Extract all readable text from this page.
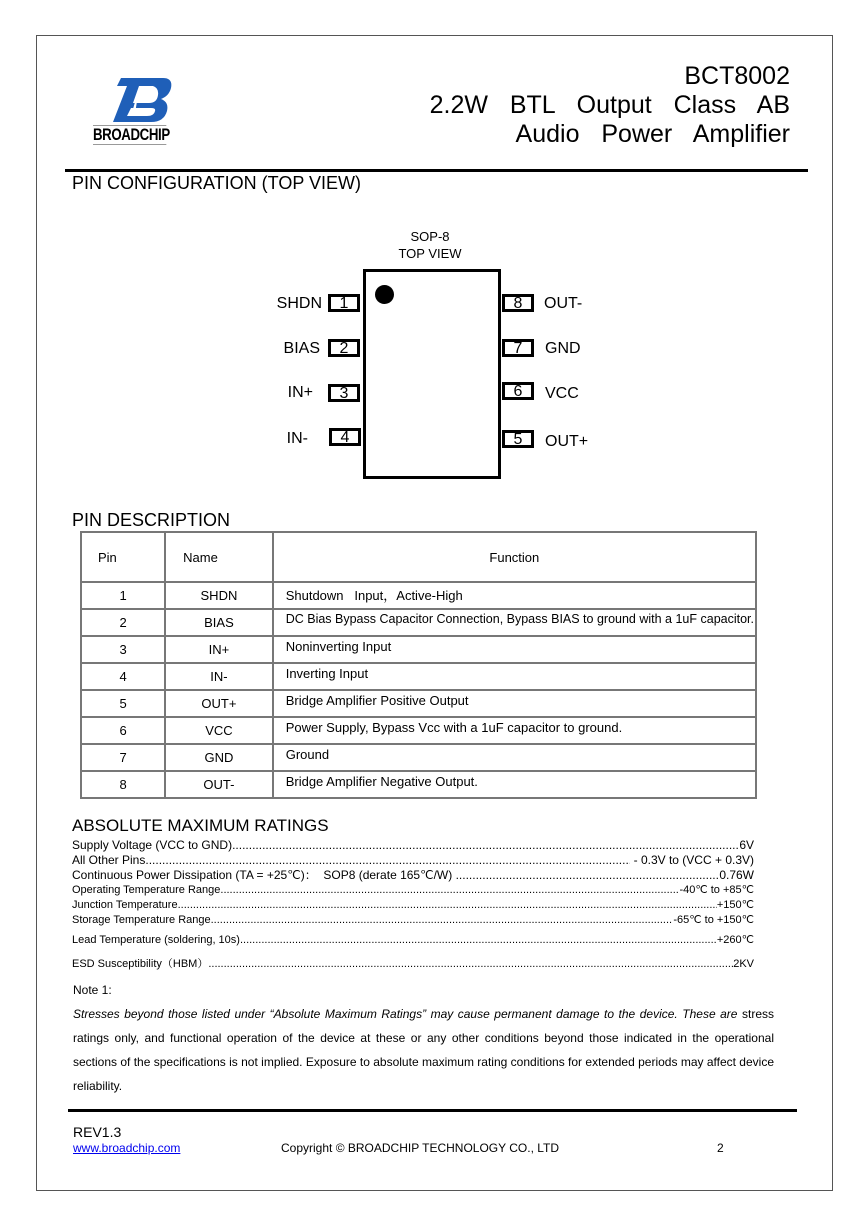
BROADCHIP
BCT8002
2.2W  BTL  Output  Class  AB
Audio  Power  Amplifier
PIN CONFIGURATION (TOP VIEW)
SOP-8
TOP VIEW
1
SHDN
2
BIAS
3
IN+
4
IN-
8	OUT-
7	GND
6	VCC
5	OUT+
PIN DESCRIPTION
Pin	Name	Function
1	SHDN	Shutdown   Input，Active-High
2	BIAS	DC Bias Bypass Capacitor Connection, Bypass BIAS to ground with a 1uF capacitor.
3	IN+	Noninverting Input
4	IN-	Inverting Input
5	OUT+	Bridge Amplifier Positive Output
6	VCC	Power Supply, Bypass Vcc with a 1uF capacitor to ground.
7	GND	Ground
8	OUT-	Bridge Amplifier Negative Output.
ABSOLUTE MAXIMUM RATINGS
Supply Voltage (VCC to GND) .....	6V
All Other Pins .....	- 0.3V to (VCC + 0.3V)
Continuous Power Dissipation (TA = +25℃)：  SOP8 (derate 165℃/W) .....	0.76W
Operating Temperature Range .....	-40℃ to +85℃
Junction Temperature .....	+150℃
Storage Temperature Range .....	-65℃ to +150℃
Lead Temperature (soldering, 10s) .....	+260℃
ESD Susceptibility（HBM） .....	2KV
Note 1:
Stresses beyond those listed under “Absolute Maximum Ratings” may cause permanent damage to the device. These are stress ratings only, and functional operation of the device at these or any other conditions beyond those indicated in the operational sections of the specifications is not implied. Exposure to absolute maximum rating conditions for extended periods may affect device reliability.
REV1.3
www.broadchip.com	Copyright © BROADCHIP TECHNOLOGY CO., LTD	2
